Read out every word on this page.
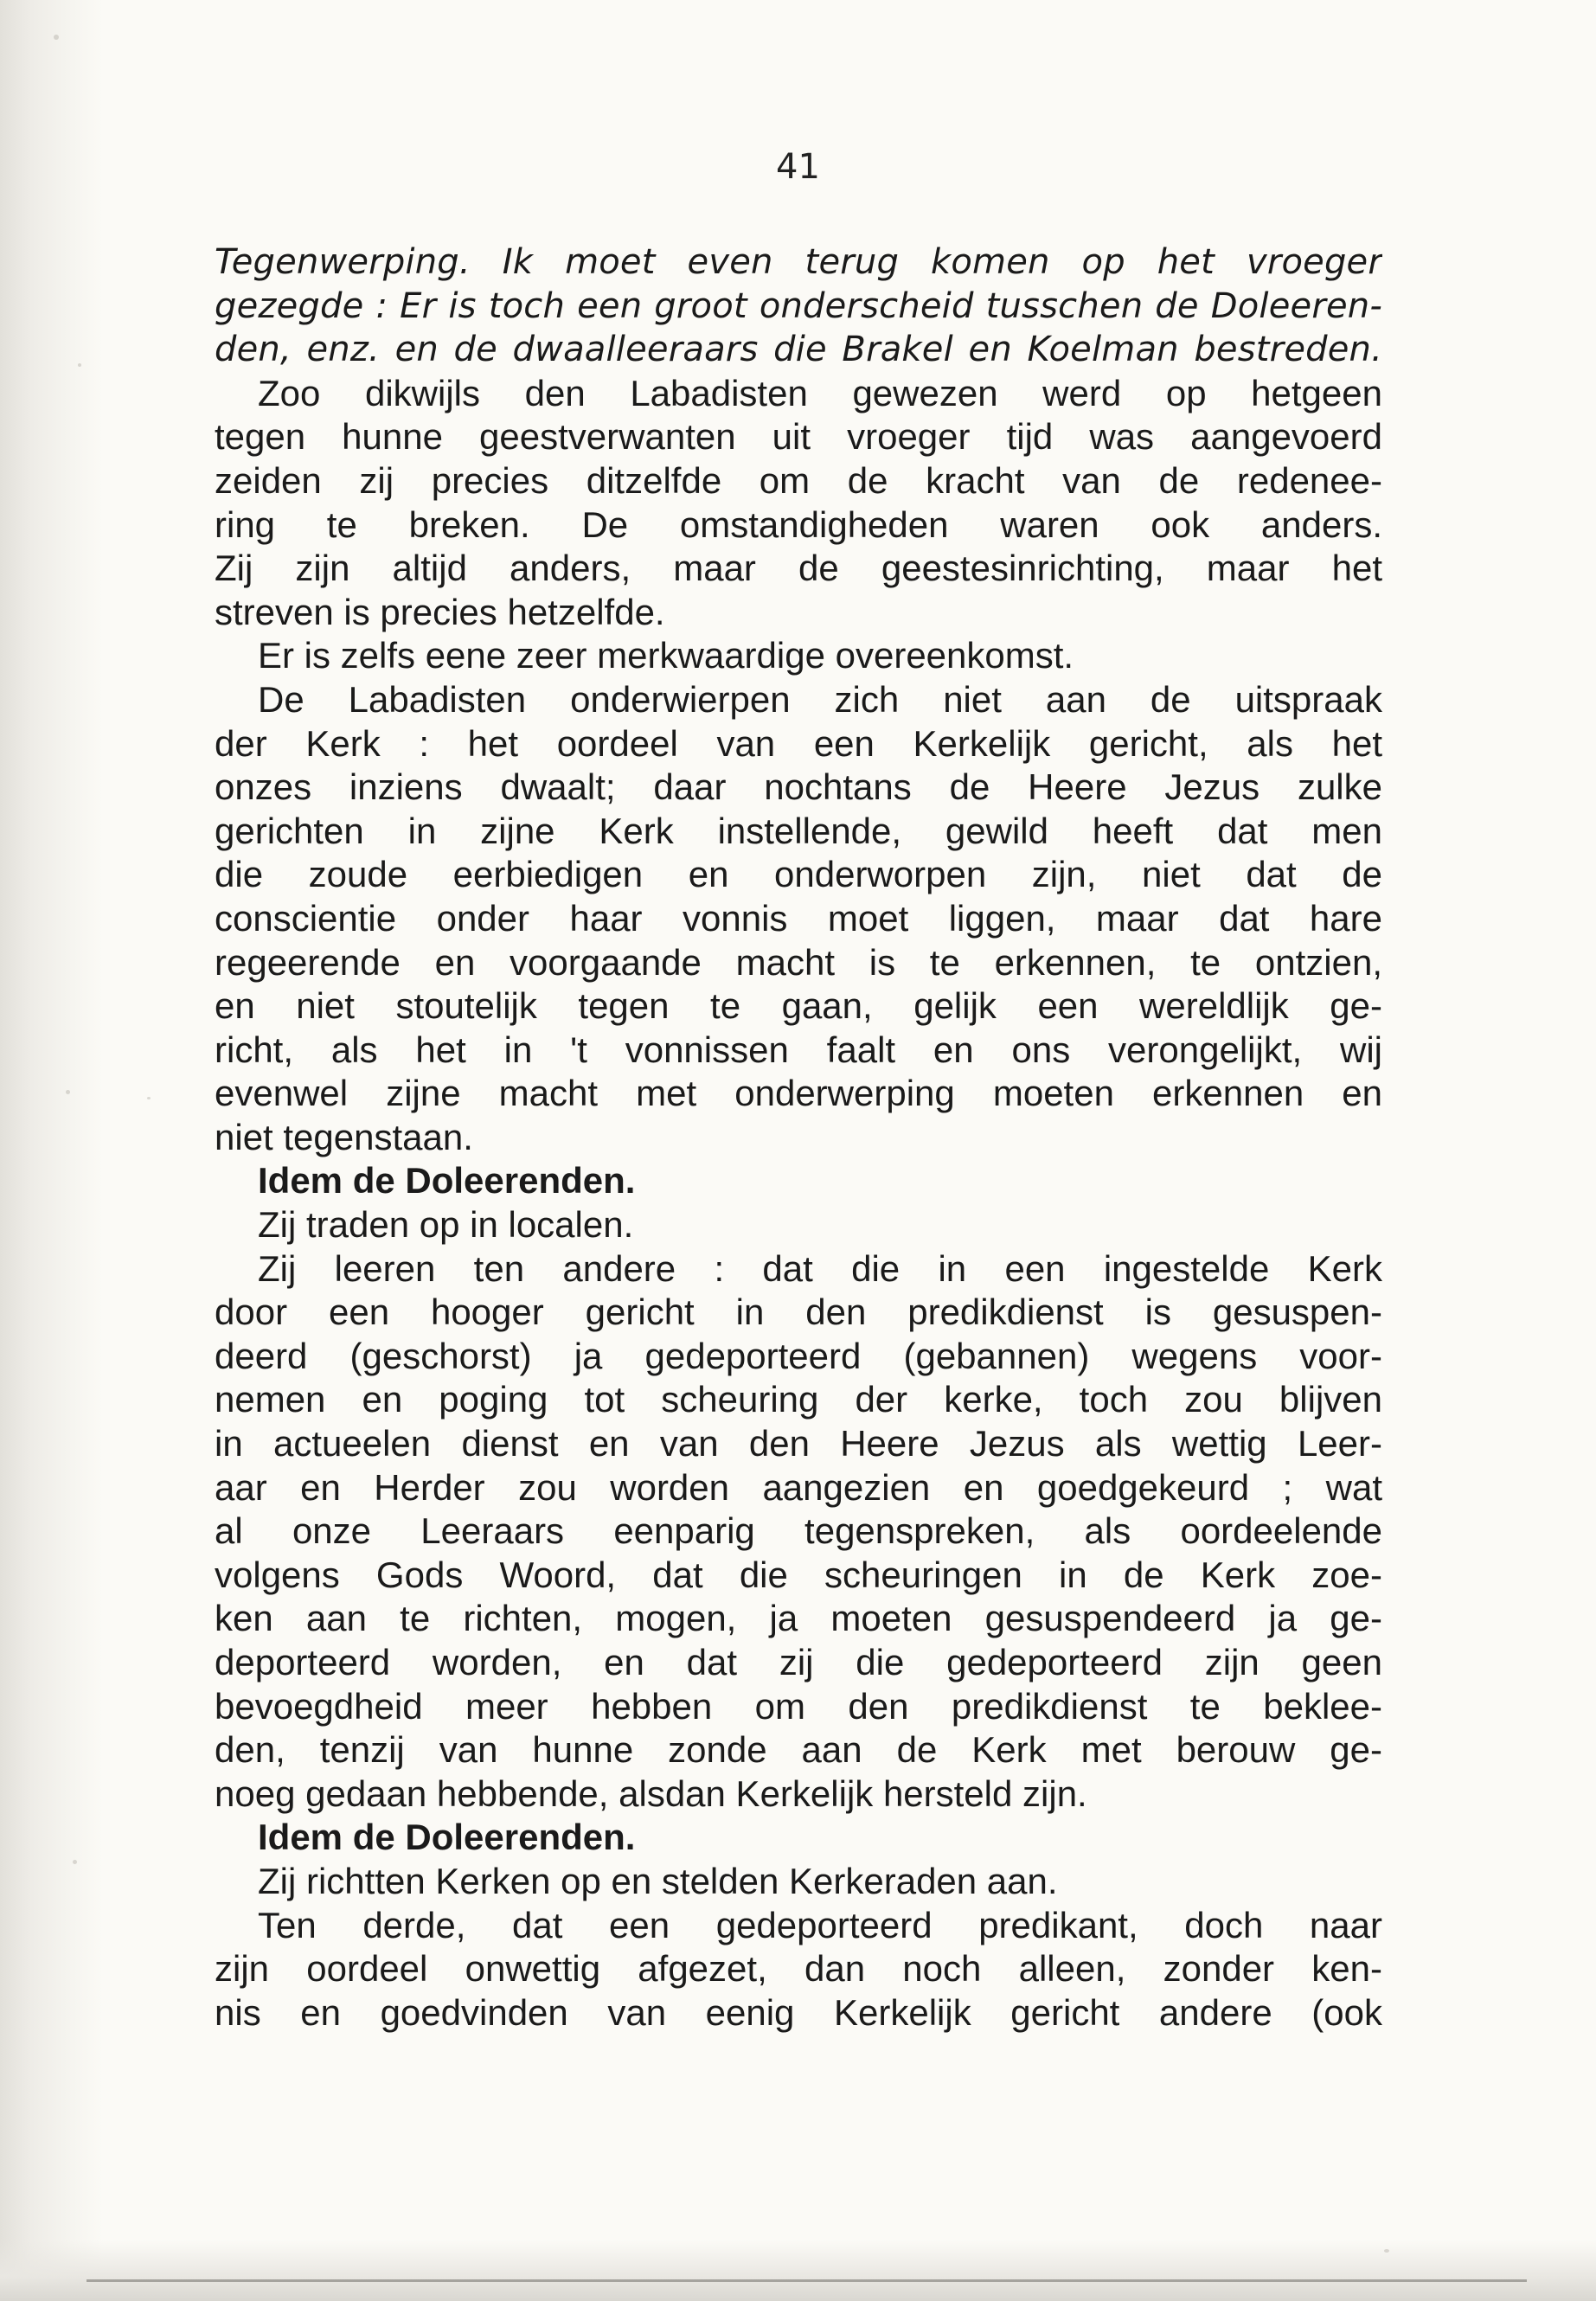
41
Tegenwerping. Ik moet even terug komen op het vroeger
gezegde : Er is toch een groot onderscheid tusschen de Doleeren-
den, enz. en de dwaalleeraars die Brakel en Koelman bestreden.
Zoo dikwijls den Labadisten gewezen werd op hetgeen
tegen hunne geestverwanten uit vroeger tijd was aangevoerd
zeiden zij precies ditzelfde om de kracht van de redenee-
ring te breken. De omstandigheden waren ook anders.
Zij zijn altijd anders, maar de geestesinrichting, maar het
streven is precies hetzelfde.
Er is zelfs eene zeer merkwaardige overeenkomst.
De Labadisten onderwierpen zich niet aan de uitspraak
der Kerk : het oordeel van een Kerkelijk gericht, als het
onzes inziens dwaalt; daar nochtans de Heere Jezus zulke
gerichten in zijne Kerk instellende, gewild heeft dat men
die zoude eerbiedigen en onderworpen zijn, niet dat de
conscientie onder haar vonnis moet liggen, maar dat hare
regeerende en voorgaande macht is te erkennen, te ontzien,
en niet stoutelijk tegen te gaan, gelijk een wereldlijk ge-
richt, als het in 't vonnissen faalt en ons verongelijkt, wij
evenwel zijne macht met onderwerping moeten erkennen en
niet tegenstaan.
Idem de Doleerenden.
Zij traden op in localen.
Zij leeren ten andere : dat die in een ingestelde Kerk
door een hooger gericht in den predikdienst is gesuspen-
deerd (geschorst) ja gedeporteerd (gebannen) wegens voor-
nemen en poging tot scheuring der kerke, toch zou blijven
in actueelen dienst en van den Heere Jezus als wettig Leer-
aar en Herder zou worden aangezien en goedgekeurd ; wat
al onze Leeraars eenparig tegenspreken, als oordeelende
volgens Gods Woord, dat die scheuringen in de Kerk zoe-
ken aan te richten, mogen, ja moeten gesuspendeerd ja ge-
deporteerd worden, en dat zij die gedeporteerd zijn geen
bevoegdheid meer hebben om den predikdienst te beklee-
den, tenzij van hunne zonde aan de Kerk met berouw ge-
noeg gedaan hebbende, alsdan Kerkelijk hersteld zijn.
Idem de Doleerenden.
Zij richtten Kerken op en stelden Kerkeraden aan.
Ten derde, dat een gedeporteerd predikant, doch naar
zijn oordeel onwettig afgezet, dan noch alleen, zonder ken-
nis en goedvinden van eenig Kerkelijk gericht andere (ook
